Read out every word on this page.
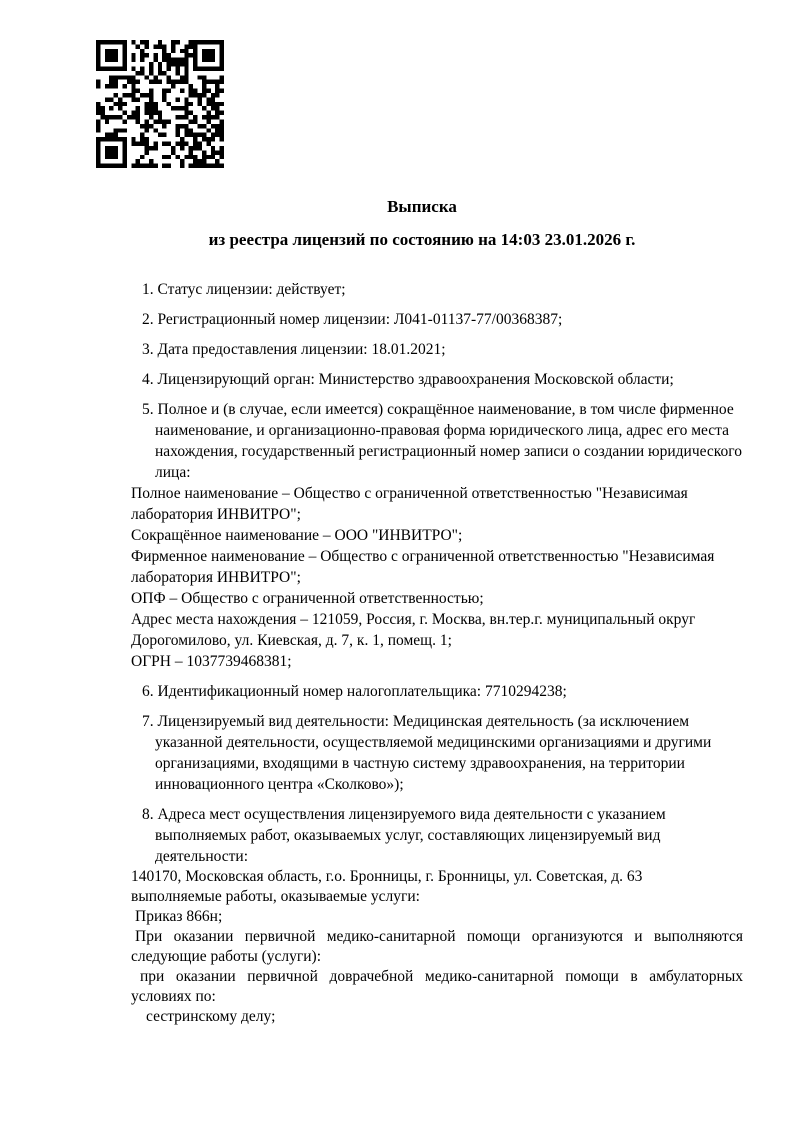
Выписка
из реестра лицензий по состоянию на 14:03 23.01.2026 г.

1. Статус лицензии: действует;

2. Регистрационный номер лицензии: Л041-01137-77/00368387;

3. Дата предоставления лицензии: 18.01.2021;

4. Лицензирующий орган: Министерство здравоохранения Московской области;

5. Полное и (в случае, если имеется) сокращённое наименование, в том числе фирменное наименование, и организационно-правовая форма юридического лица, адрес его места нахождения, государственный регистрационный номер записи о создании юридического лица:

Полное наименование – Общество с ограниченной ответственностью "Независимая лаборатория ИНВИТРО";

Сокращённое наименование – ООО "ИНВИТРО";

Фирменное наименование – Общество с ограниченной ответственностью "Независимая лаборатория ИНВИТРО";

ОПФ – Общество с ограниченной ответственностью;

Адрес места нахождения – 121059, Россия, г. Москва, вн.тер.г. муниципальный округ Дорогомилово, ул. Киевская, д. 7, к. 1, помещ. 1;

ОГРН – 1037739468381;

6. Идентификационный номер налогоплательщика: 7710294238;

7. Лицензируемый вид деятельности: Медицинская деятельность (за исключением указанной деятельности, осуществляемой медицинскими организациями и другими организациями, входящими в частную систему здравоохранения, на территории инновационного центра «Сколково»);

8. Адреса мест осуществления лицензируемого вида деятельности с указанием выполняемых работ, оказываемых услуг, составляющих лицензируемый вид деятельности:

140170, Московская область, г.о. Бронницы, г. Бронницы, ул. Советская, д. 63

выполняемые работы, оказываемые услуги:

Приказ 866н;

При оказании первичной медико-санитарной помощи организуются и выполняются следующие работы (услуги):

при оказании первичной доврачебной медико-санитарной помощи в амбулаторных условиях по:

сестринскому делу;
